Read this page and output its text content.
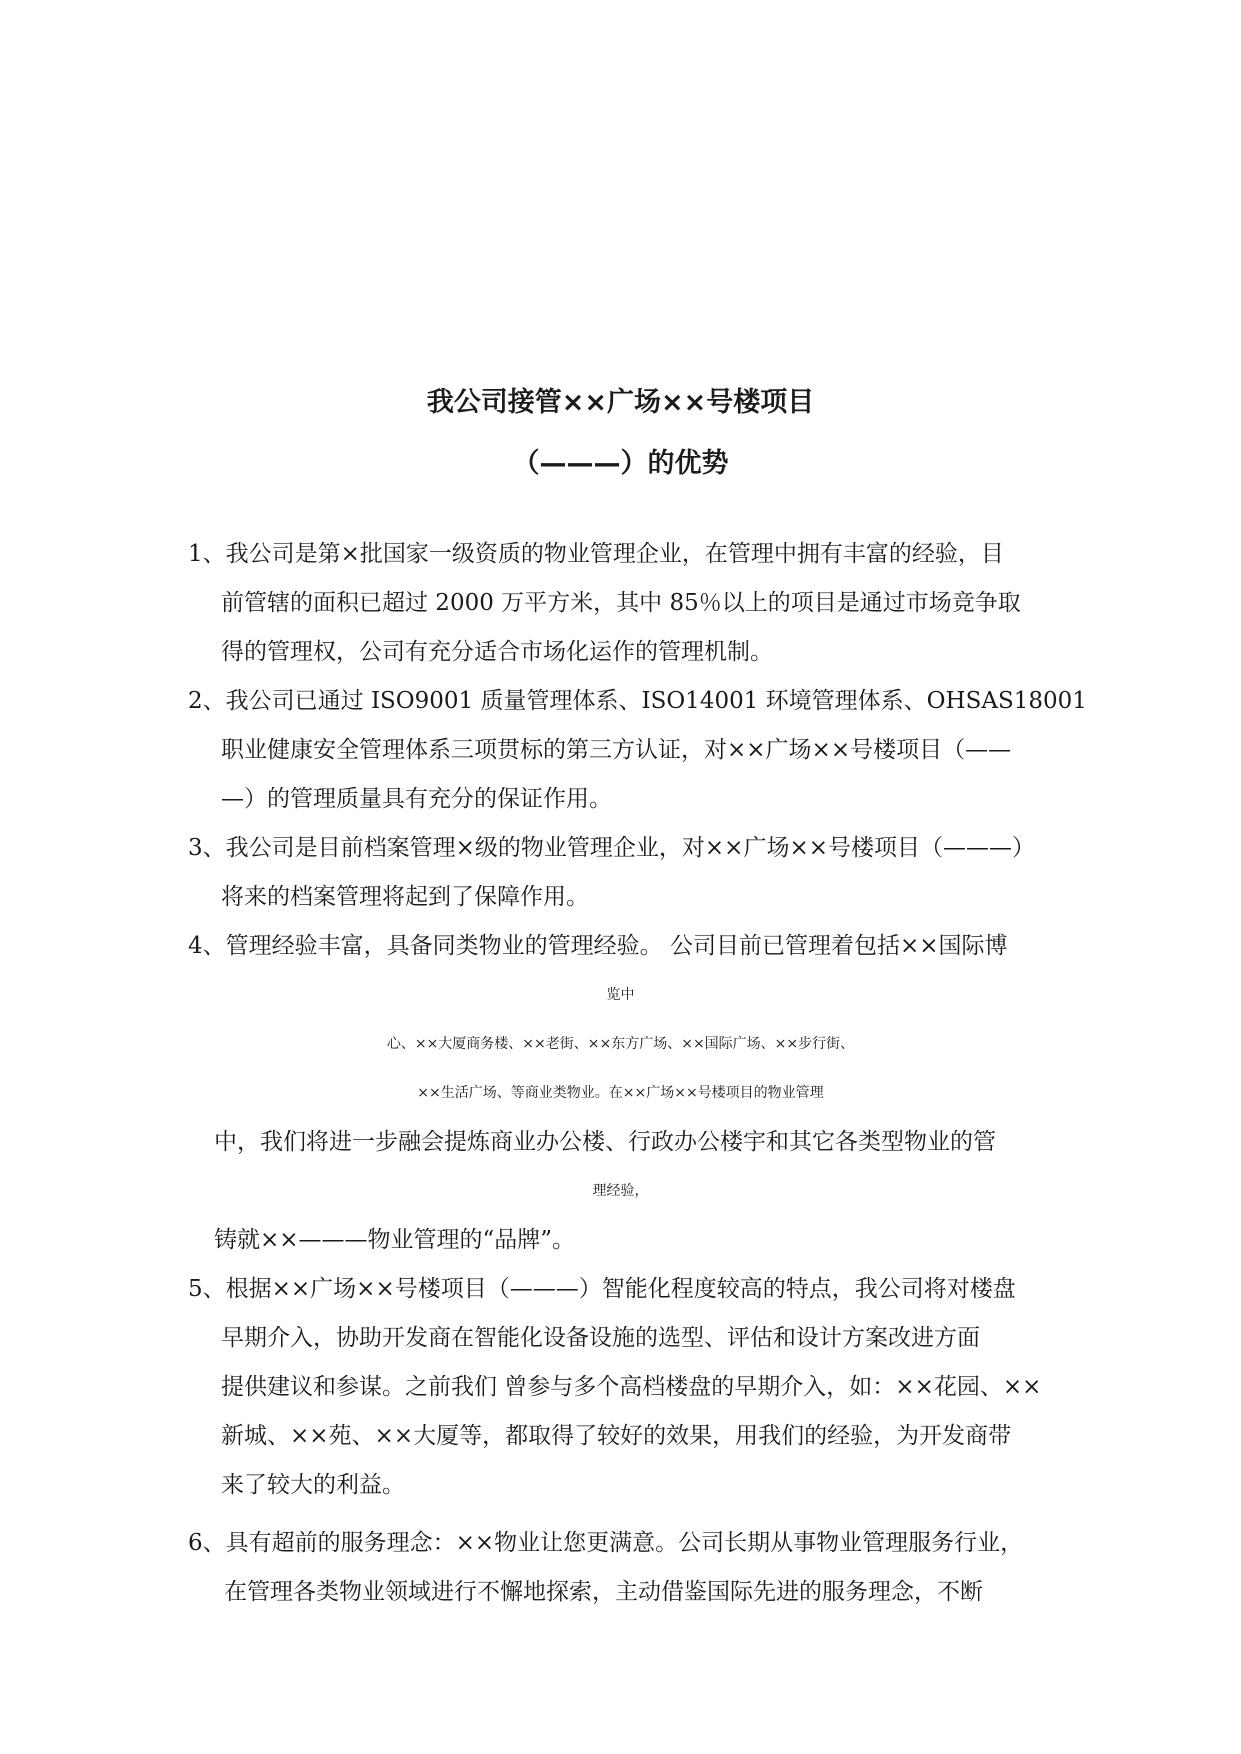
我公司接管××广场××号楼项目
（———）的优势
1、我公司是第×批国家一级资质的物业管理企业，在管理中拥有丰富的经验，目
前管辖的面积已超过 2000 万平方米，其中 85％以上的项目是通过市场竞争取
得的管理权，公司有充分适合市场化运作的管理机制。
2、我公司已通过 ISO9001 质量管理体系、ISO14001 环境管理体系、OHSAS18001
职业健康安全管理体系三项贯标的第三方认证，对××广场××号楼项目（——
—）的管理质量具有充分的保证作用。
3、我公司是目前档案管理×级的物业管理企业，对××广场××号楼项目（———）
将来的档案管理将起到了保障作用。
4、管理经验丰富，具备同类物业的管理经验。 公司目前已管理着包括××国际博
览中
心、××大厦商务楼、××老街、××东方广场、××国际广场、××步行街、
××生活广场、等商业类物业。在××广场××号楼项目的物业管理
中，我们将进一步融会提炼商业办公楼、行政办公楼宇和其它各类型物业的管
理经验，
铸就××———物业管理的“品牌”。
5、根据××广场××号楼项目（———）智能化程度较高的特点，我公司将对楼盘
早期介入，协助开发商在智能化设备设施的选型、评估和设计方案改进方面
提供建议和参谋。之前我们 曾参与多个高档楼盘的早期介入，如：××花园、××
新城、××苑、××大厦等，都取得了较好的效果，用我们的经验，为开发商带
来了较大的利益。
6、具有超前的服务理念：××物业让您更满意。公司长期从事物业管理服务行业，
在管理各类物业领域进行不懈地探索，主动借鉴国际先进的服务理念，不断
